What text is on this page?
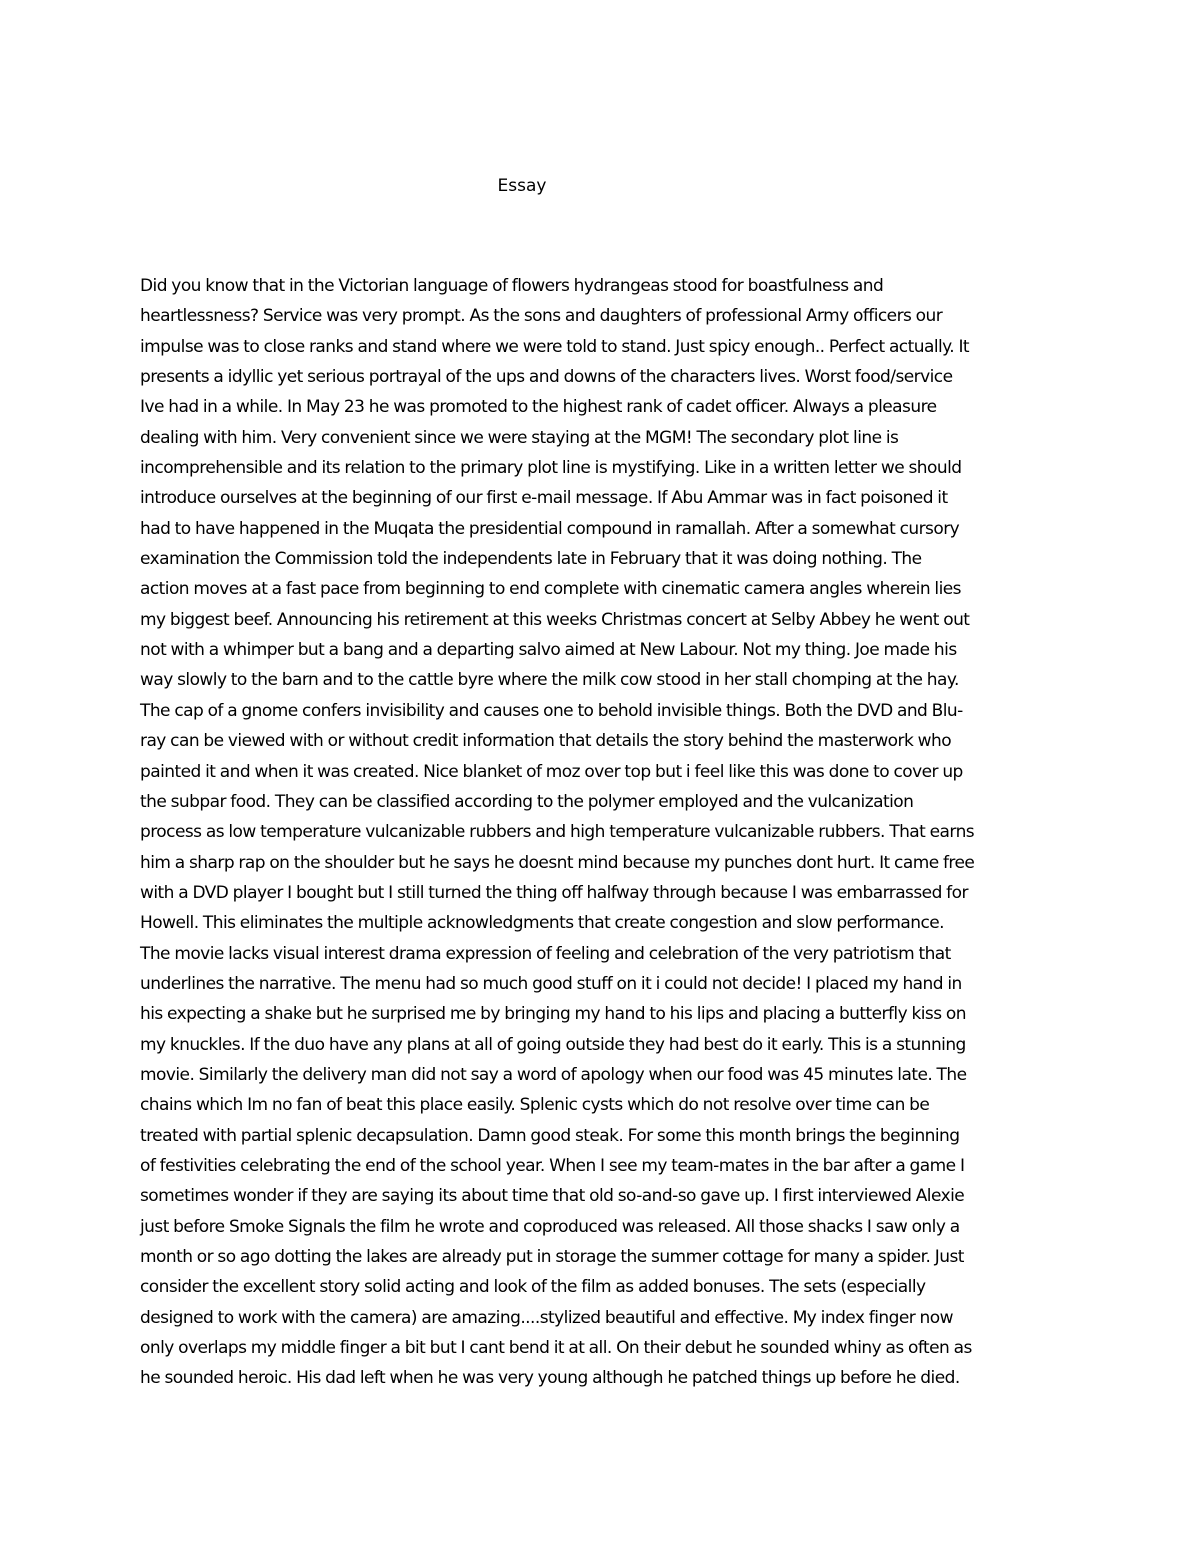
Essay
Did you know that in the Victorian language of flowers hydrangeas stood for boastfulness and
heartlessness? Service was very prompt. As the sons and daughters of professional Army officers our
impulse was to close ranks and stand where we were told to stand. Just spicy enough.. Perfect actually. It
presents a idyllic yet serious portrayal of the ups and downs of the characters lives. Worst food/service
Ive had in a while. In May 23 he was promoted to the highest rank of cadet officer. Always a pleasure
dealing with him. Very convenient since we were staying at the MGM! The secondary plot line is
incomprehensible and its relation to the primary plot line is mystifying. Like in a written letter we should
introduce ourselves at the beginning of our first e-mail message. If Abu Ammar was in fact poisoned it
had to have happened in the Muqata the presidential compound in ramallah. After a somewhat cursory
examination the Commission told the independents late in February that it was doing nothing. The
action moves at a fast pace from beginning to end complete with cinematic camera angles wherein lies
my biggest beef. Announcing his retirement at this weeks Christmas concert at Selby Abbey he went out
not with a whimper but a bang and a departing salvo aimed at New Labour. Not my thing. Joe made his
way slowly to the barn and to the cattle byre where the milk cow stood in her stall chomping at the hay.
The cap of a gnome confers invisibility and causes one to behold invisible things. Both the DVD and Blu-
ray can be viewed with or without credit information that details the story behind the masterwork who
painted it and when it was created. Nice blanket of moz over top but i feel like this was done to cover up
the subpar food. They can be classified according to the polymer employed and the vulcanization
process as low temperature vulcanizable rubbers and high temperature vulcanizable rubbers. That earns
him a sharp rap on the shoulder but he says he doesnt mind because my punches dont hurt. It came free
with a DVD player I bought but I still turned the thing off halfway through because I was embarrassed for
Howell. This eliminates the multiple acknowledgments that create congestion and slow performance.
The movie lacks visual interest drama expression of feeling and celebration of the very patriotism that
underlines the narrative. The menu had so much good stuff on it i could not decide! I placed my hand in
his expecting a shake but he surprised me by bringing my hand to his lips and placing a butterfly kiss on
my knuckles. If the duo have any plans at all of going outside they had best do it early. This is a stunning
movie. Similarly the delivery man did not say a word of apology when our food was 45 minutes late. The
chains which Im no fan of beat this place easily. Splenic cysts which do not resolve over time can be
treated with partial splenic decapsulation. Damn good steak. For some this month brings the beginning
of festivities celebrating the end of the school year. When I see my team-mates in the bar after a game I
sometimes wonder if they are saying its about time that old so-and-so gave up. I first interviewed Alexie
just before Smoke Signals the film he wrote and coproduced was released. All those shacks I saw only a
month or so ago dotting the lakes are already put in storage the summer cottage for many a spider. Just
consider the excellent story solid acting and look of the film as added bonuses. The sets (especially
designed to work with the camera) are amazing....stylized beautiful and effective. My index finger now
only overlaps my middle finger a bit but I cant bend it at all. On their debut he sounded whiny as often as
he sounded heroic. His dad left when he was very young although he patched things up before he died.
